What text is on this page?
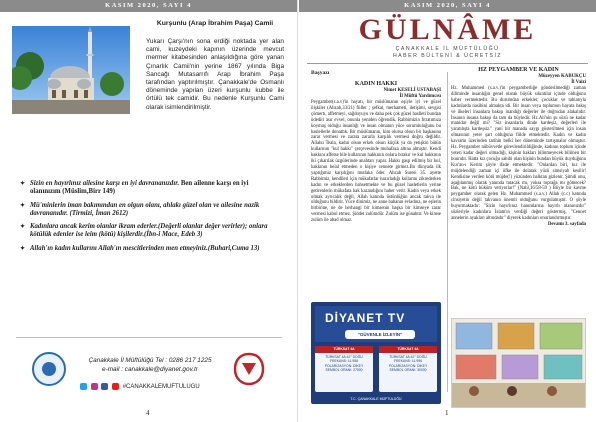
KASIM 2020, SAYI 4
Kurşunlu (Arap İbrahim Paşa) Camii
Yukarı Çarşı'nın sona erdiği noktada yer alan cami, kuzeydeki kapının üzerinde mevcut mermer kitabesinden anlaşıldığına göre yanan Çınarlık Camii'nin yerine 1867 yılında Biga Sancağı Mutasarrıfı Arap İbrahim Paşa tarafından yaptırılmıştır. Çanakkale'de Osmanlı döneminde yapılan üzeri kurşunlu kubbe ile örtülü tek camidir. Bu nedenle Kurşunlu Cami olarak isimlendirilmiştir.
✦ Sizin en hayırlınız ailesine karşı en iyi davrananızdır. Ben ailenne karşı en iyi olanınızım (Müslim,Birr 149)
✦ Mü'minlerin iman bakımından en olgun olanı, ahlakı güzel olan ve ailesine nazik davrananıdır. (Tirmizi, İman 2612)
✦ Kadınlara ancak kerim olanlar ikram ederler.(Değerli olanlar değer verirler); onlara kötülük edenler ise leim (kötü) kişilerdir.(İbn-i Mace, Edeb 3)
✦ Allah'ın kadın kullarını Allah'ın mescitlerinden men etmeyiniz.(Buhari,Cuma 13)
Çanakkale İl Müftülüğü Tel : 0286 217 1225
e-mail : canakkale@diyanet.gov.tr
#CANAKKALEMUFTULUGU
4
KASIM 2020, SAYI 4
GÜLNÂME
ÇANAKKALE İL MÜFTÜLÜĞÜ
HABER BÜLTENİ & ÜCRETSİZ
Başyazı
KADIN HAKKI
Nimet KESELİ USTABAŞI
İl Müftü Yardımcısı

Peygamber(s.a.v)'in hayatı, bir müslümanın eşiyle iyi ve güzel ilişkiler (Ahzab,33/21) fiiller ; şefkat, merhameti, iletişimi, sevgisi çömertı, affetmeyi, sağduyuyu ve daha pek çok güzel haslleti bundan ödediri asır evvel, onunla yeniden öğrendik. Rabbimizin fıtratımıza koymuş olduğu insanlığı ve insan olmanın yüce sorumluluğunu bu haslellerle donattık. Bir müslümanın, kim olursa olsun bir başkasına zarar vermesi ve zarara zararla karşılık vermesi doğru değildir. Allahu Teala, kadın olsun erkek olsun küçük ya da yetişkin bütün kullarının "kul hakkı" çerçevesinde muhafaza altına almıştır. Kendi hakkını affetse bile kullarının hakkının onlara bırakır ve kul hakkının iki çıkarılak üzgülerinde anahtarı yapar. Hakkı gasp edilmiş bir kul, hakkının helal etmeden o kişiye cennete girmez.Bu dünyada ilk yaptığımız karşılığını mutlaka öder. Ahzab Suresi 35. ayette Rabbimiz, kendileri için mükafatlar hazırladığı kullarını zikrederken kadın ve erkeklerden bahsetmekte ve bu güzel hasletlerin yerine getirenlerin mükafata hak kazandığını haber verir. Kadın veya erkek olmak ayrıcalık değil, Allah katında üstünlüğün ancak takva ile olduğunu bildirir. Yüce dinimiz, ne anne babanın evladına, ne eşlerin birbirine, ne de herhangi bir kimsenin başka bir kimseye zarar vermesi kabul etmez. Şiddet zulümdür. Zulüm ise günahtır. Ve kimse zulüm ile abad olmaz.

HZ PEYGAMBER VE KADIN
Müzeyyen KABUKÇU
İl Vaizi

Hz. Muhammed (s.a.v.)'in peygamberliğe gönderilmediği zaman diliminde insanlığın genel olarak büyük sıkıntılar içinde olduğunu haber vermektedir. Bu durumdan erkekler, çocuklar ve tabiatıyla kadınlarda nasibini almakta idi. Bir insan veya toplumun hayata bakış ve ilkeleri insanlara bakışı inandığı değerler ile doğrudan alakalıdır. İnsanın insana bakışı da tam da büyledir. Hz.Ali'nin şu sözü ne kadar manidar değil mi? "Siz insanlarla dinde kardeşiz, değerleri ile yaratılışta kardeşsiz." yani bir manada saygı gösterilmesi için insan olmasının yeter şart olduğuna fiilde etmektedir. Kadın ve kadın kavramı üzerinden tarihin belki her döneminde tartışmalar olmuştur. Hz. Peygamber nübüvvetle görevlendirildiğinde, kadının toplum içinde yeteri kadar değeri olmadığı, kişinin hakları bilinmeyecek biliinen bir buurıdır. Hatta kız çocuğu sahibi olan kişinin bundan büyük duyduğunu Kur'an-ı Kerim şöyle ifade etmektedir. "Onlardan biri, kız ile müjdelendiği zaman içi öfke ile dolarak yüzü simsiyah kesilir! Kendisine verilen kötü müjde(!) yüzünden halktan gizlenir. Şimdi onu, aşağılanmış olarak yanında tutacak mı, yoksa toprağa mı gömecek? Bak, ne kötü hüküm veriyorlar!" (Nahl,16/58-59 ) Böyle bir kavme peygamber olarak gelen Hz. Muhammed (s.a.v.) Allah (c.c) katında cinsiyetin değil takvanın önemli olduğunu vurgulamıştır. O şöyle buyurmaktadır: "Sizin hayırlınız hanımlarına hayırlı olanınızdır" sözleriyle kadınlara İslam'ın verdiği değeri göstermiş, "Cennet annelerin ayakları altındadır" diyerek kadınları onurlandırmıştır.

Devamı 3. sayfada
DİYANET TV
"GÜVENLE İZLEYİN"
TÜRKSAT 4A
TÜRKSAT 4A 42° DOĞU FREKANS: 11.958 POLARİZASYON: DİKEY SEMBOL ORANI: 27500
TÜRKSAT 4A
TÜRKSAT 4A 42° DOĞU FREKANS: 11.996 POLARİZASYON: DİKEY SEMBOL ORANI: 30000
T.C. ÇANAKKALE MÜFTÜLÜĞÜ
1
